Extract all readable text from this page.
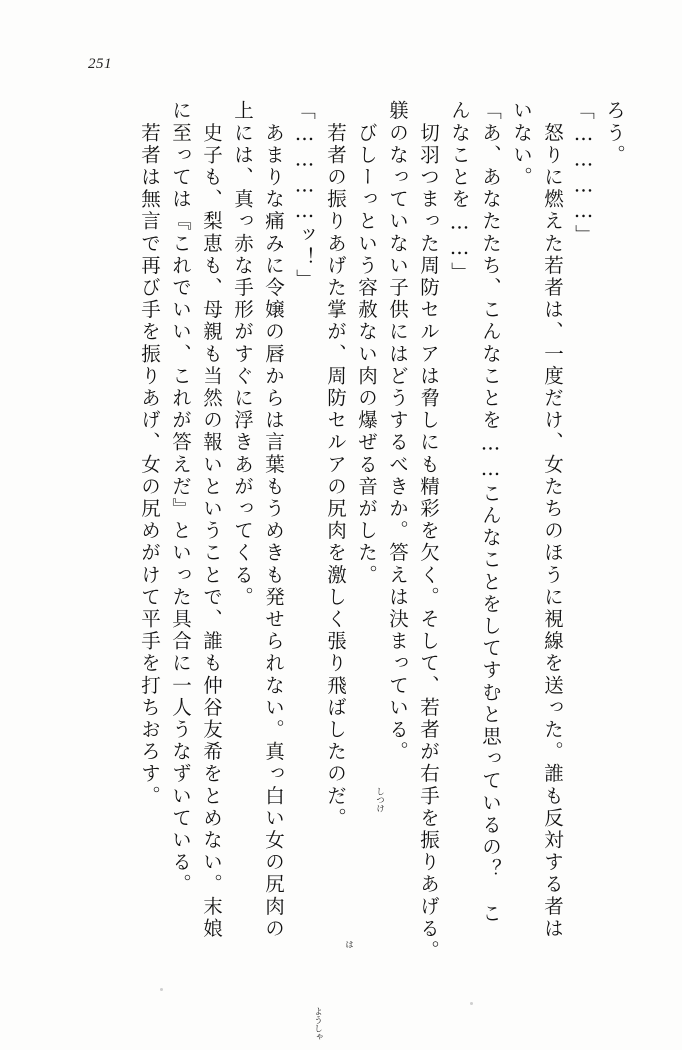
251
ろう。
「…………」
　怒りに燃えた若者は、一度だけ、女たちのほうに視線を送った。誰も反対する者は
いない。
「あ、あなたたち、こんなことを……こんなことをしてすむと思っているの？　こ
んなことを……」
　切羽つまった周防セルアは脅しにも精彩を欠く。そして、若者が右手を振りあげる。
躾のなっていない子供にはどうするべきか。答えは決まっている。
しつけ
　びしーっという容赦ない肉の爆ぜる音がした。
は
　若者の振りあげた掌が、周防セルアの尻肉を激しく張り飛ばしたのだ。
ようしゃ
「…………ッ！」
　あまりな痛みに令嬢の唇からは言葉もうめきも発せられない。真っ白い女の尻肉の
上には、真っ赤な手形がすぐに浮きあがってくる。
　史子も、梨恵も、母親も当然の報いということで、誰も仲谷友希をとめない。末娘
に至っては『これでいい、これが答えだ』といった具合に一人うなずいている。
　若者は無言で再び手を振りあげ、女の尻めがけて平手を打ちおろす。
